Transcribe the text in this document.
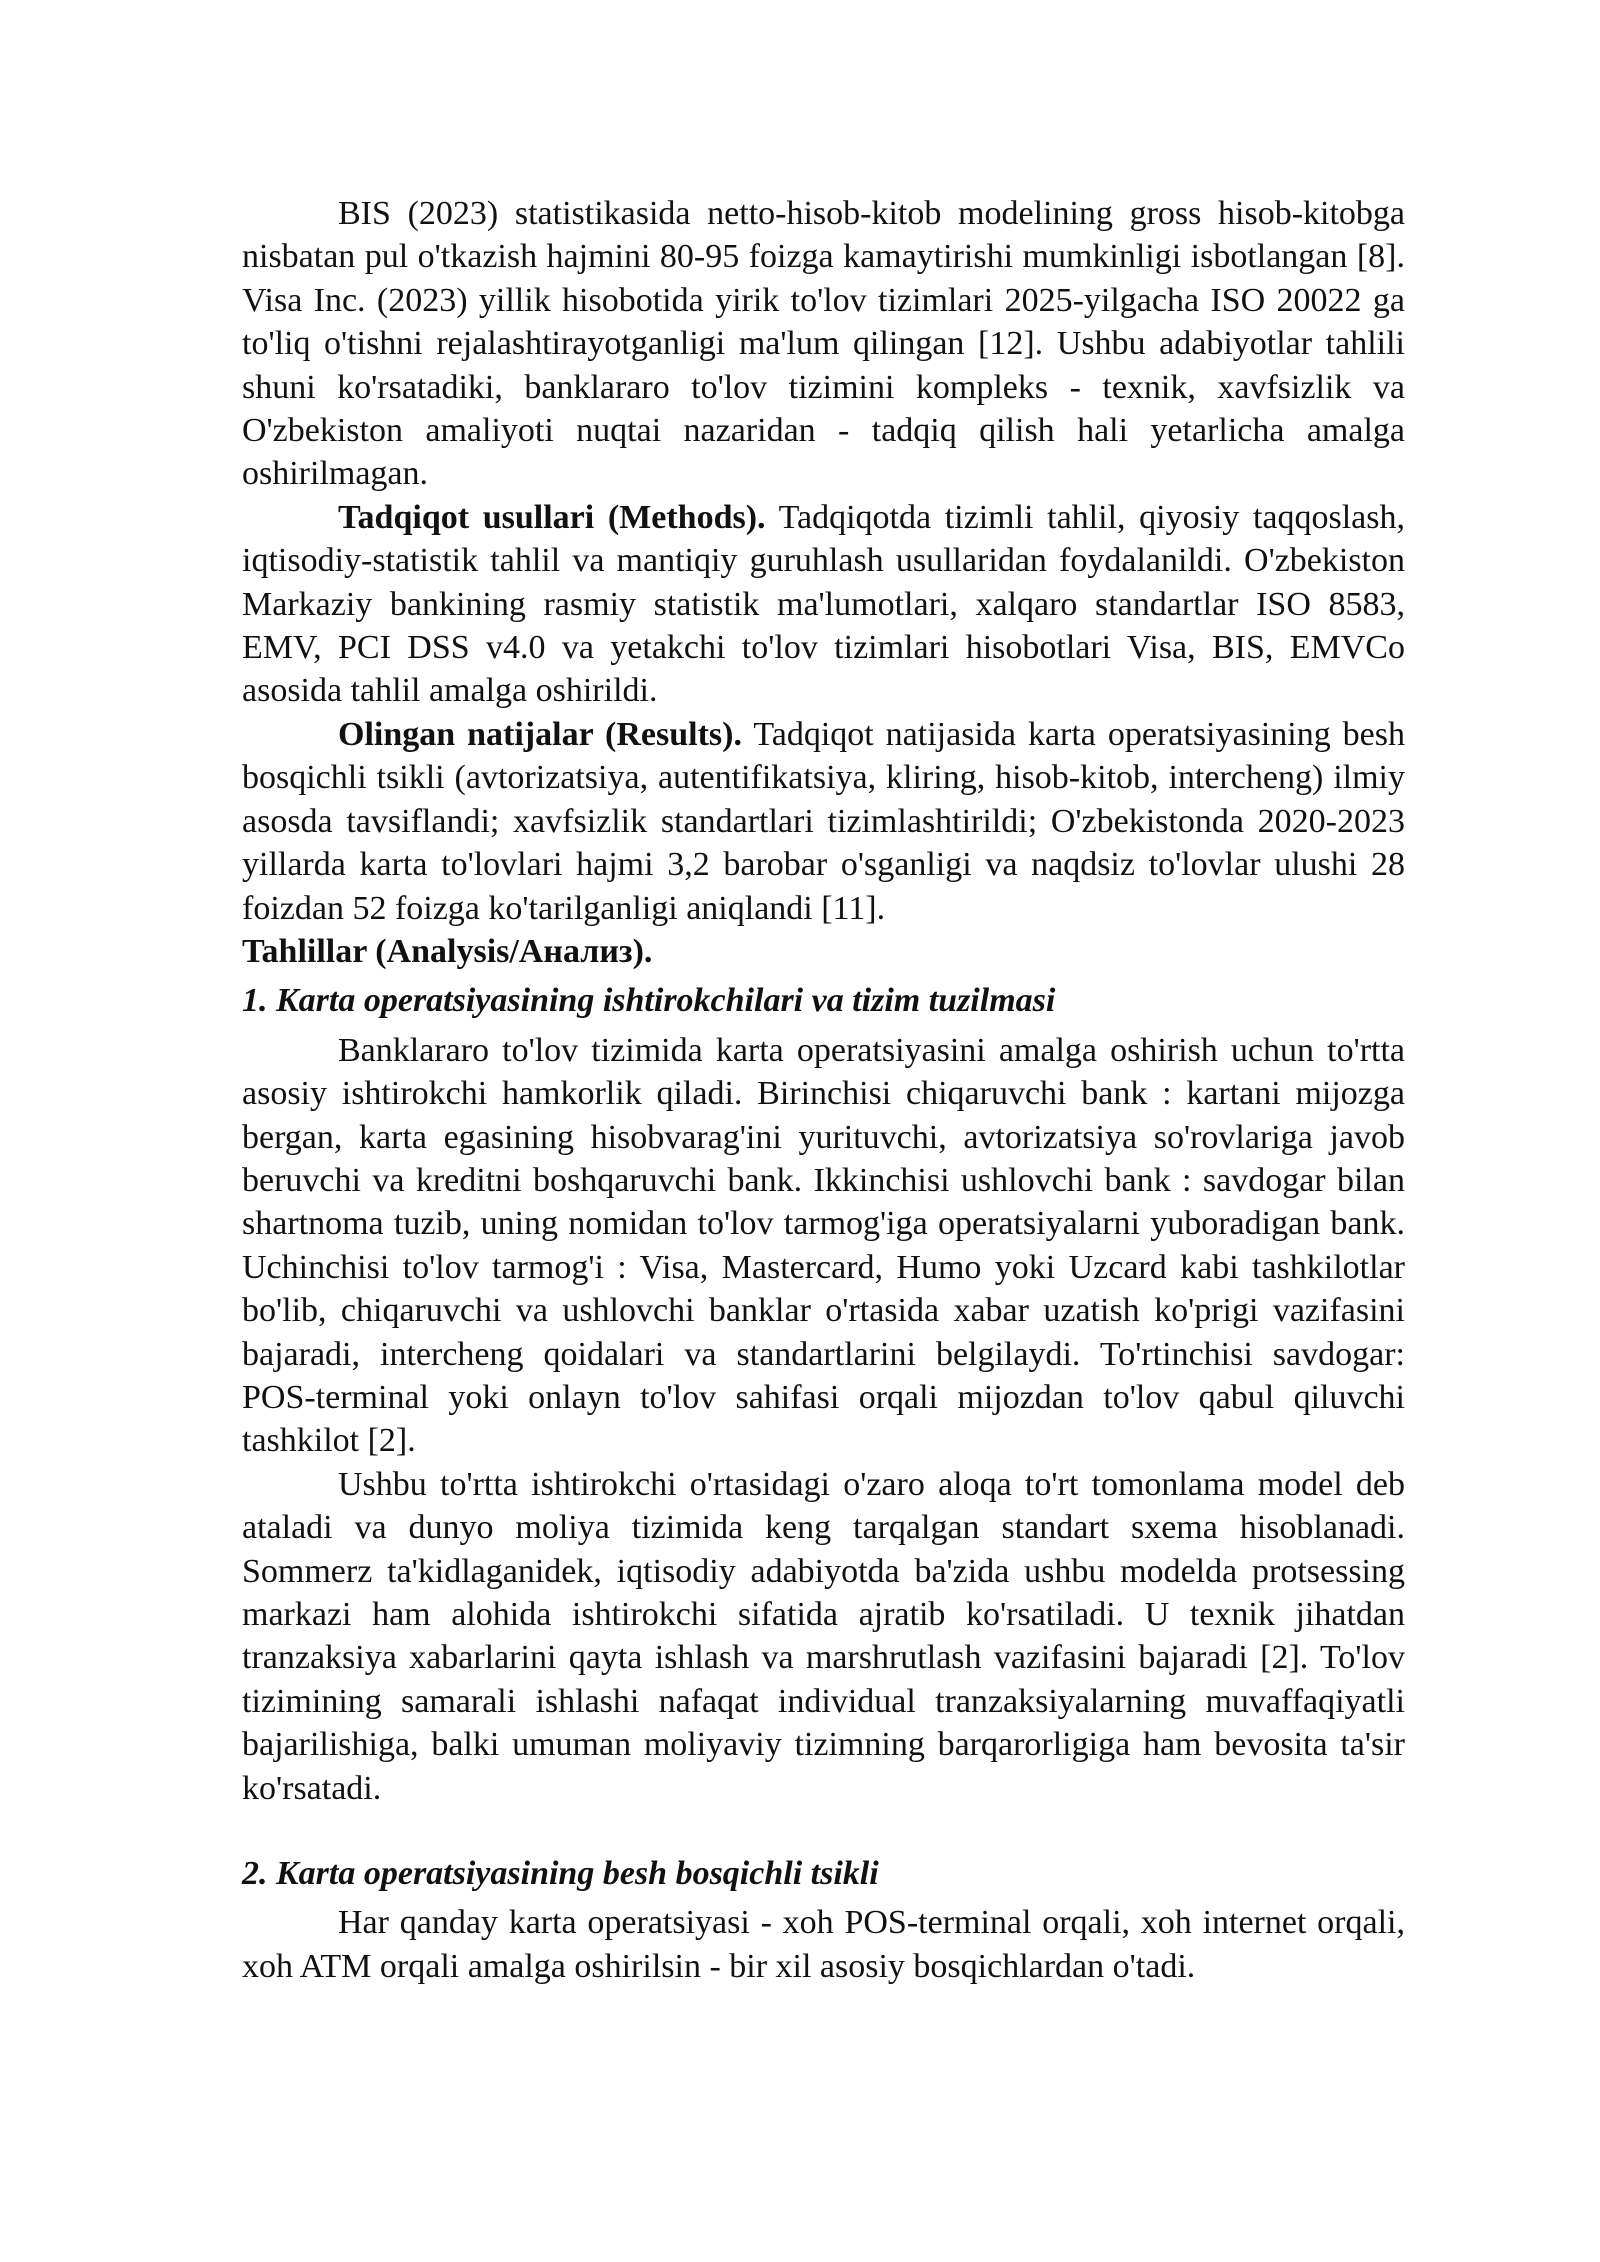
BIS (2023) statistikasida netto-hisob-kitob modelining gross hisob-kitobga nisbatan pul o'tkazish hajmini 80-95 foizga kamaytirishi mumkinligi isbotlangan [8]. Visa Inc. (2023) yillik hisobotida yirik to'lov tizimlari 2025-yilgacha ISO 20022 ga to'liq o'tishni rejalashtirayotganligi ma'lum qilingan [12]. Ushbu adabiyotlar tahlili shuni ko'rsatadiki, banklararo to'lov tizimini kompleks - texnik, xavfsizlik va O'zbekiston amaliyoti nuqtai nazaridan - tadqiq qilish hali yetarlicha amalga oshirilmagan.

Tadqiqot usullari (Methods). Tadqiqotda tizimli tahlil, qiyosiy taqqoslash, iqtisodiy-statistik tahlil va mantiqiy guruhlash usullaridan foydalanildi. O'zbekiston Markaziy bankining rasmiy statistik ma'lumotlari, xalqaro standartlar ISO 8583, EMV, PCI DSS v4.0 va yetakchi to'lov tizimlari hisobotlari Visa, BIS, EMVCo asosida tahlil amalga oshirildi.

Olingan natijalar (Results). Tadqiqot natijasida karta operatsiyasining besh bosqichli tsikli (avtorizatsiya, autentifikatsiya, kliring, hisob-kitob, intercheng) ilmiy asosda tavsiflandi; xavfsizlik standartlari tizimlashtirildi; O'zbekistonda 2020-2023 yillarda karta to'lovlari hajmi 3,2 barobar o'sganligi va naqdsiz to'lovlar ulushi 28 foizdan 52 foizga ko'tarilganligi aniqlandi [11].

Tahlillar (Analysis/Анализ).

1. Karta operatsiyasining ishtirokchilari va tizim tuzilmasi

Banklararo to'lov tizimida karta operatsiyasini amalga oshirish uchun to'rtta asosiy ishtirokchi hamkorlik qiladi. Birinchisi chiqaruvchi bank : kartani mijozga bergan, karta egasining hisobvarag'ini yurituvchi, avtorizatsiya so'rovlariga javob beruvchi va kreditni boshqaruvchi bank. Ikkinchisi ushlovchi bank : savdogar bilan shartnoma tuzib, uning nomidan to'lov tarmog'iga operatsiyalarni yuboradigan bank. Uchinchisi to'lov tarmog'i : Visa, Mastercard, Humo yoki Uzcard kabi tashkilotlar bo'lib, chiqaruvchi va ushlovchi banklar o'rtasida xabar uzatish ko'prigi vazifasini bajaradi, intercheng qoidalari va standartlarini belgilaydi. To'rtinchisi savdogar: POS-terminal yoki onlayn to'lov sahifasi orqali mijozdan to'lov qabul qiluvchi tashkilot [2].

Ushbu to'rtta ishtirokchi o'rtasidagi o'zaro aloqa to'rt tomonlama model deb ataladi va dunyo moliya tizimida keng tarqalgan standart sxema hisoblanadi. Sommerz ta'kidlaganidek, iqtisodiy adabiyotda ba'zida ushbu modelda protsessing markazi ham alohida ishtirokchi sifatida ajratib ko'rsatiladi. U texnik jihatdan tranzaksiya xabarlarini qayta ishlash va marshrutlash vazifasini bajaradi [2]. To'lov tizimining samarali ishlashi nafaqat individual tranzaksiyalarning muvaffaqiyatli bajarilishiga, balki umuman moliyaviy tizimning barqarorligiga ham bevosita ta'sir ko'rsatadi.

2. Karta operatsiyasining besh bosqichli tsikli

Har qanday karta operatsiyasi - xoh POS-terminal orqali, xoh internet orqali, xoh ATM orqali amalga oshirilsin - bir xil asosiy bosqichlardan o'tadi.
